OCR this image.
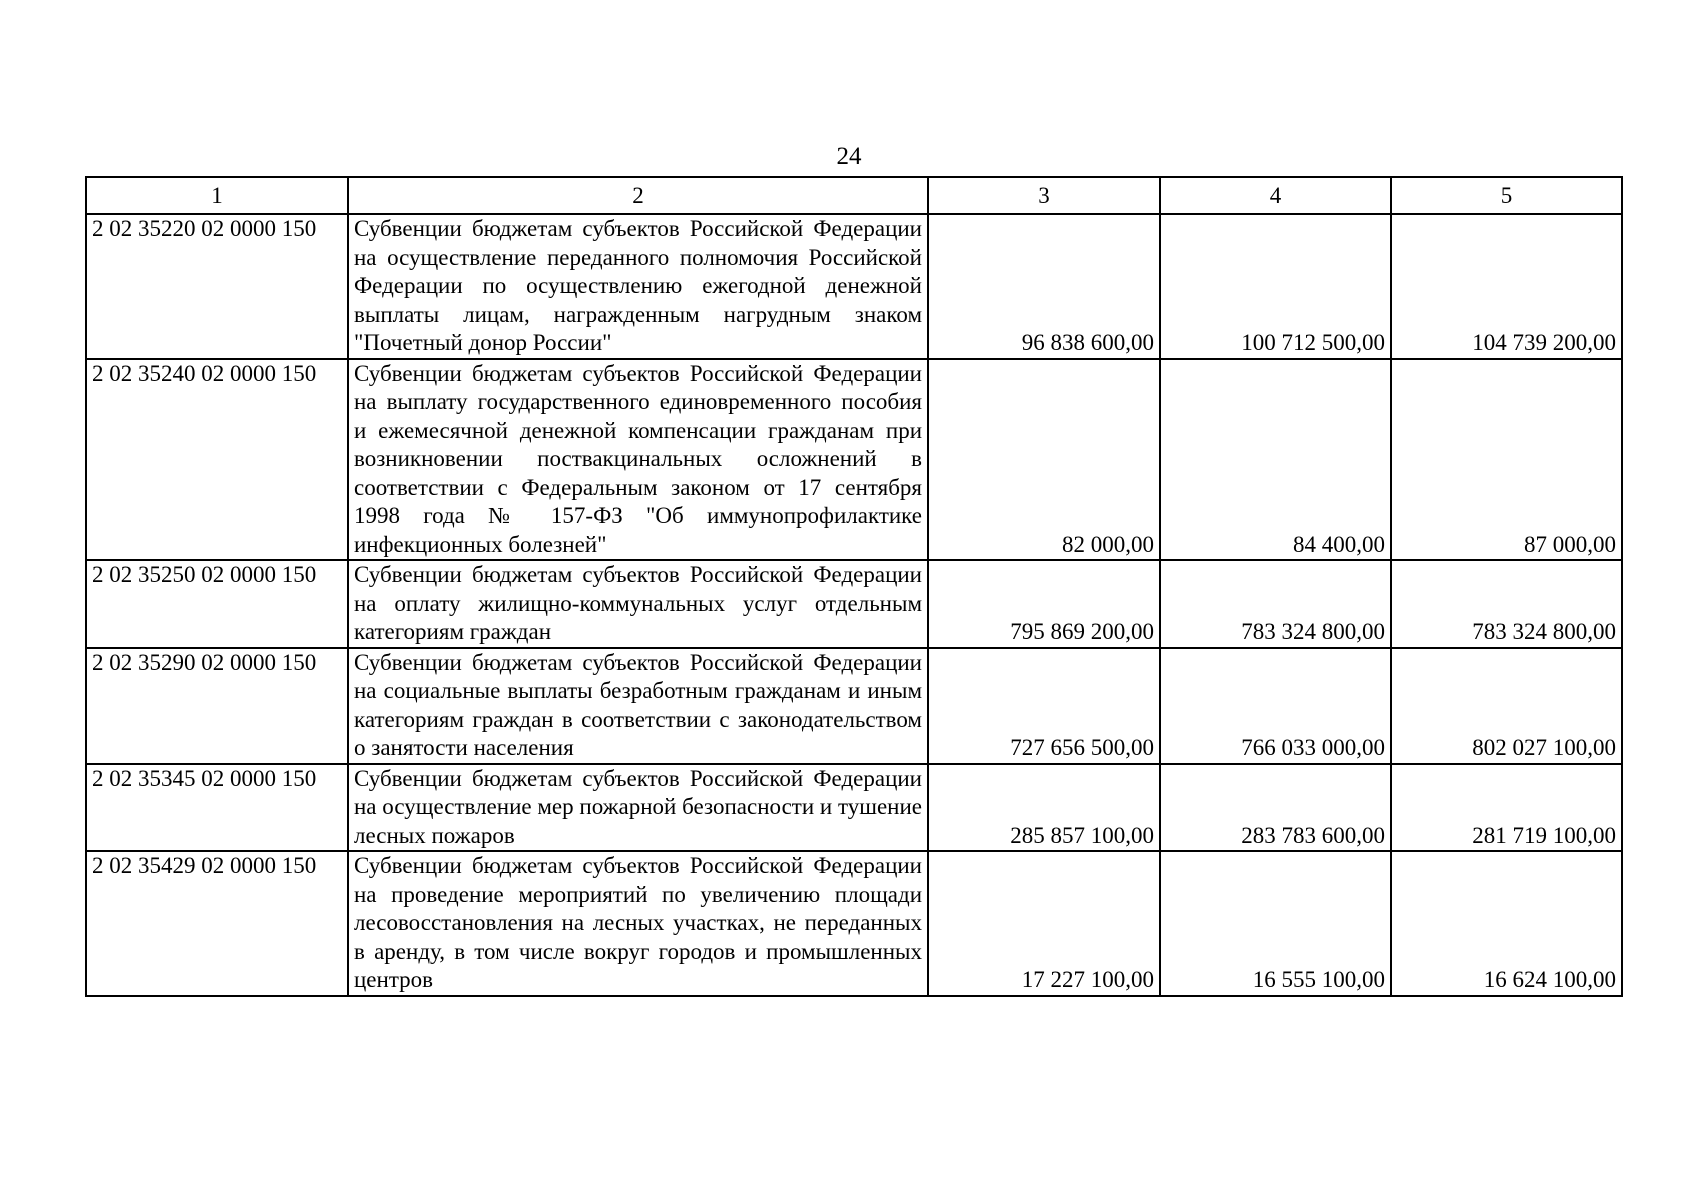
24
1	2	3	4	5
2 02 35220 02 0000 150	Субвенции бюджетам субъектов Российской Федерации на осуществление переданного полномочия Российской Федерации по осуществлению ежегодной денежной выплаты лицам, награжденным нагрудным знаком "Почетный донор России"	96 838 600,00	100 712 500,00	104 739 200,00
2 02 35240 02 0000 150	Субвенции бюджетам субъектов Российской Федерации на выплату государственного единовременного пособия и ежемесячной денежной компенсации гражданам при возникновении поствакцинальных осложнений в соответствии с Федеральным законом от 17 сентября 1998 года № 157-ФЗ "Об иммунопрофилактике инфекционных болезней"	82 000,00	84 400,00	87 000,00
2 02 35250 02 0000 150	Субвенции бюджетам субъектов Российской Федерации на оплату жилищно-коммунальных услуг отдельным категориям граждан	795 869 200,00	783 324 800,00	783 324 800,00
2 02 35290 02 0000 150	Субвенции бюджетам субъектов Российской Федерации на социальные выплаты безработным гражданам и иным категориям граждан в соответствии с законодательством о занятости населения	727 656 500,00	766 033 000,00	802 027 100,00
2 02 35345 02 0000 150	Субвенции бюджетам субъектов Российской Федерации на осуществление мер пожарной безопасности и тушение лесных пожаров	285 857 100,00	283 783 600,00	281 719 100,00
2 02 35429 02 0000 150	Субвенции бюджетам субъектов Российской Федерации на проведение мероприятий по увеличению площади лесовосстановления на лесных участках, не переданных в аренду, в том числе вокруг городов и промышленных центров	17 227 100,00	16 555 100,00	16 624 100,00
